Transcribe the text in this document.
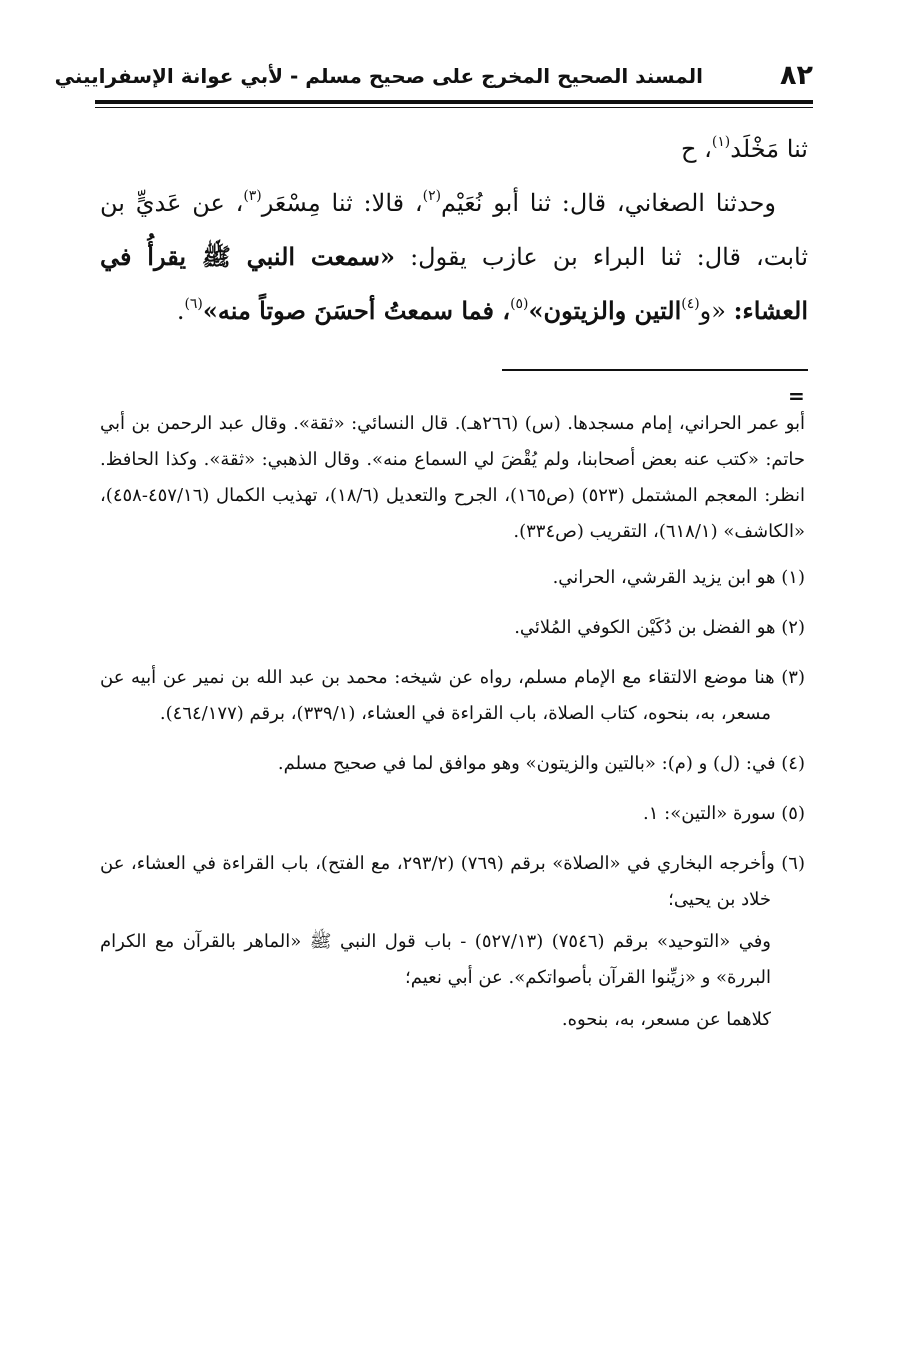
٨٢
المسند الصحيح المخرج على صحيح مسلم - لأبي عوانة الإسفراييني

ثنا مَخْلَد$^{(١)}$، ح

وحدثنا الصغاني، قال: ثنا أبو نُعَيْم$^{(٢)}$، قالا: ثنا مِسْعَر$^{(٣)}$، عن عَديٍّ بن ثابت، قال: ثنا البراء بن عازب يقول: «سمعت النبي ﷺ يقرأُ في العشاء: «و$^{(٤)}$التين والزيتون»$^{(٥)}$، فما سمعتُ أحسَنَ صوتاً منه»$^{(٦)}$.

=

أبو عمر الحراني، إمام مسجدها. (س) (٢٦٦هـ). قال النسائي: «ثقة». وقال عبد الرحمن بن أبي حاتم: «كتب عنه بعض أصحابنا، ولم يُقْضَ لي السماع منه». وقال الذهبي: «ثقة». وكذا الحافظ. انظر: المعجم المشتمل (٥٢٣) (ص١٦٥)، الجرح والتعديل (١٨/٦)، تهذيب الكمال (٤٥٧/١٦-٤٥٨)، «الكاشف» (٦١٨/١)، التقريب (ص٣٣٤).

(١) هو ابن يزيد القرشي، الحراني.

(٢) هو الفضل بن دُكَيْن الكوفي المُلائي.

(٣) هنا موضع الالتقاء مع الإمام مسلم، رواه عن شيخه: محمد بن عبد الله بن نمير عن أبيه عن مسعر، به، بنحوه، كتاب الصلاة، باب القراءة في العشاء، (٣٣٩/١)، برقم (٤٦٤/١٧٧).

(٤) في: (ل) و (م): «بالتين والزيتون» وهو موافق لما في صحيح مسلم.

(٥) سورة «التين»: ١.

(٦) وأخرجه البخاري في «الصلاة» برقم (٧٦٩) (٢٩٣/٢، مع الفتح)، باب القراءة في العشاء، عن خلاد بن يحيى؛

وفي «التوحيد» برقم (٧٥٤٦) (٥٢٧/١٣) - باب قول النبي ﷺ «الماهر بالقرآن مع الكرام البررة» و «زيِّنوا القرآن بأصواتكم». عن أبي نعيم؛

كلاهما عن مسعر، به، بنحوه.
